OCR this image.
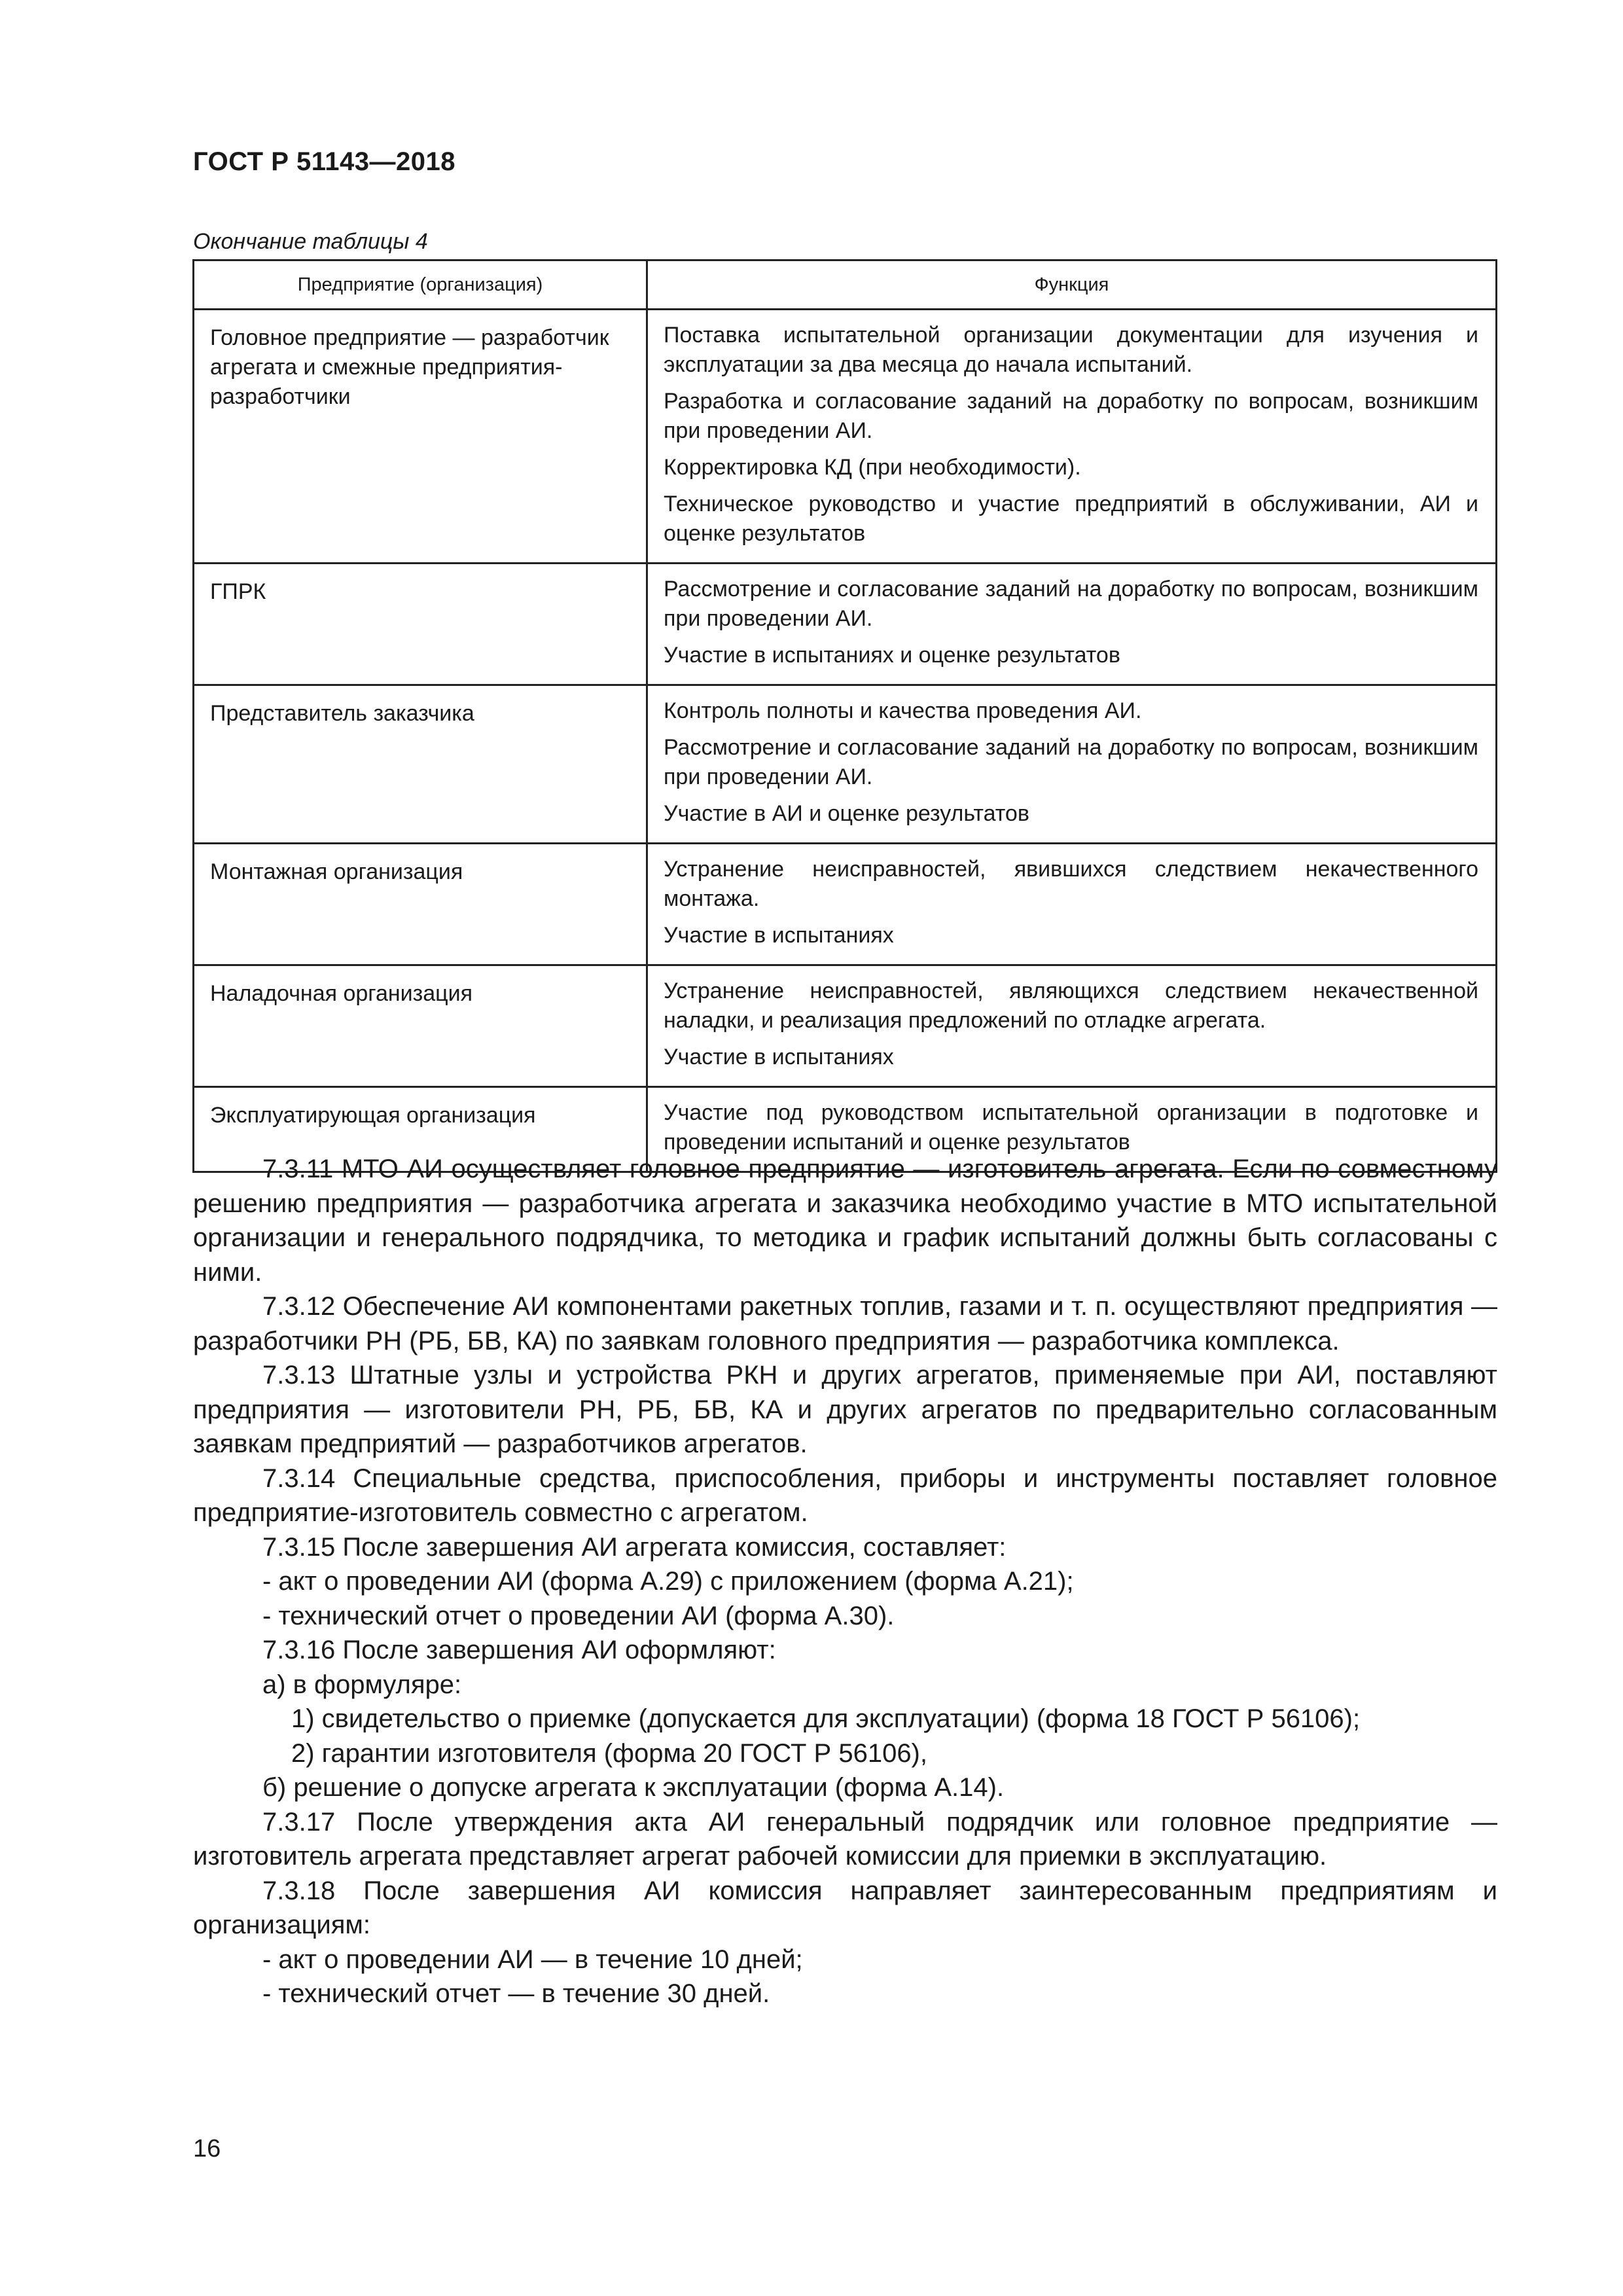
ГОСТ Р 51143—2018
Окончание таблицы 4
Предприятие (организация)	Функция
Головное предприятие — разработчик агрегата и смежные предприятия-разработчики	Поставка испытательной организации документации для изучения и эксплуатации за два месяца до начала испытаний.
Разработка и согласование заданий на доработку по вопросам, возникшим при проведении АИ.
Корректировка КД (при необходимости).
Техническое руководство и участие предприятий в обслуживании, АИ и оценке результатов

ГПРК	Рассмотрение и согласование заданий на доработку по вопросам, возникшим при проведении АИ.
Участие в испытаниях и оценке результатов

Представитель заказчика	Контроль полноты и качества проведения АИ.
Рассмотрение и согласование заданий на доработку по вопросам, возникшим при проведении АИ.
Участие в АИ и оценке результатов

Монтажная организация	Устранение неисправностей, явившихся следствием некачественного монтажа.
Участие в испытаниях

Наладочная организация	Устранение неисправностей, являющихся следствием некачественной наладки, и реализация предложений по отладке агрегата.
Участие в испытаниях

Эксплуатирующая организация	Участие под руководством испытательной организации в подготовке и проведении испытаний и оценке результатов

7.3.11 МТО АИ осуществляет головное предприятие — изготовитель агрегата. Если по совместному решению предприятия — разработчика агрегата и заказчика необходимо участие в МТО испытательной организации и генерального подрядчика, то методика и график испытаний должны быть согласованы с ними.

7.3.12 Обеспечение АИ компонентами ракетных топлив, газами и т. п. осуществляют предприятия — разработчики РН (РБ, БВ, КА) по заявкам головного предприятия — разработчика комплекса.

7.3.13 Штатные узлы и устройства РКН и других агрегатов, применяемые при АИ, поставляют предприятия — изготовители РН, РБ, БВ, КА и других агрегатов по предварительно согласованным заявкам предприятий — разработчиков агрегатов.

7.3.14 Специальные средства, приспособления, приборы и инструменты поставляет головное предприятие-изготовитель совместно с агрегатом.

7.3.15 После завершения АИ агрегата комиссия, составляет:

- акт о проведении АИ (форма А.29) с приложением (форма А.21);

- технический отчет о проведении АИ (форма А.30).

7.3.16 После завершения АИ оформляют:

а) в формуляре:

1) свидетельство о приемке (допускается для эксплуатации) (форма 18 ГОСТ Р 56106);

2) гарантии изготовителя (форма 20 ГОСТ Р 56106),

б) решение о допуске агрегата к эксплуатации (форма А.14).

7.3.17 После утверждения акта АИ генеральный подрядчик или головное предприятие — изготовитель агрегата представляет агрегат рабочей комиссии для приемки в эксплуатацию.

7.3.18 После завершения АИ комиссия направляет заинтересованным предприятиям и организациям:

- акт о проведении АИ — в течение 10 дней;

- технический отчет — в течение 30 дней.

16
